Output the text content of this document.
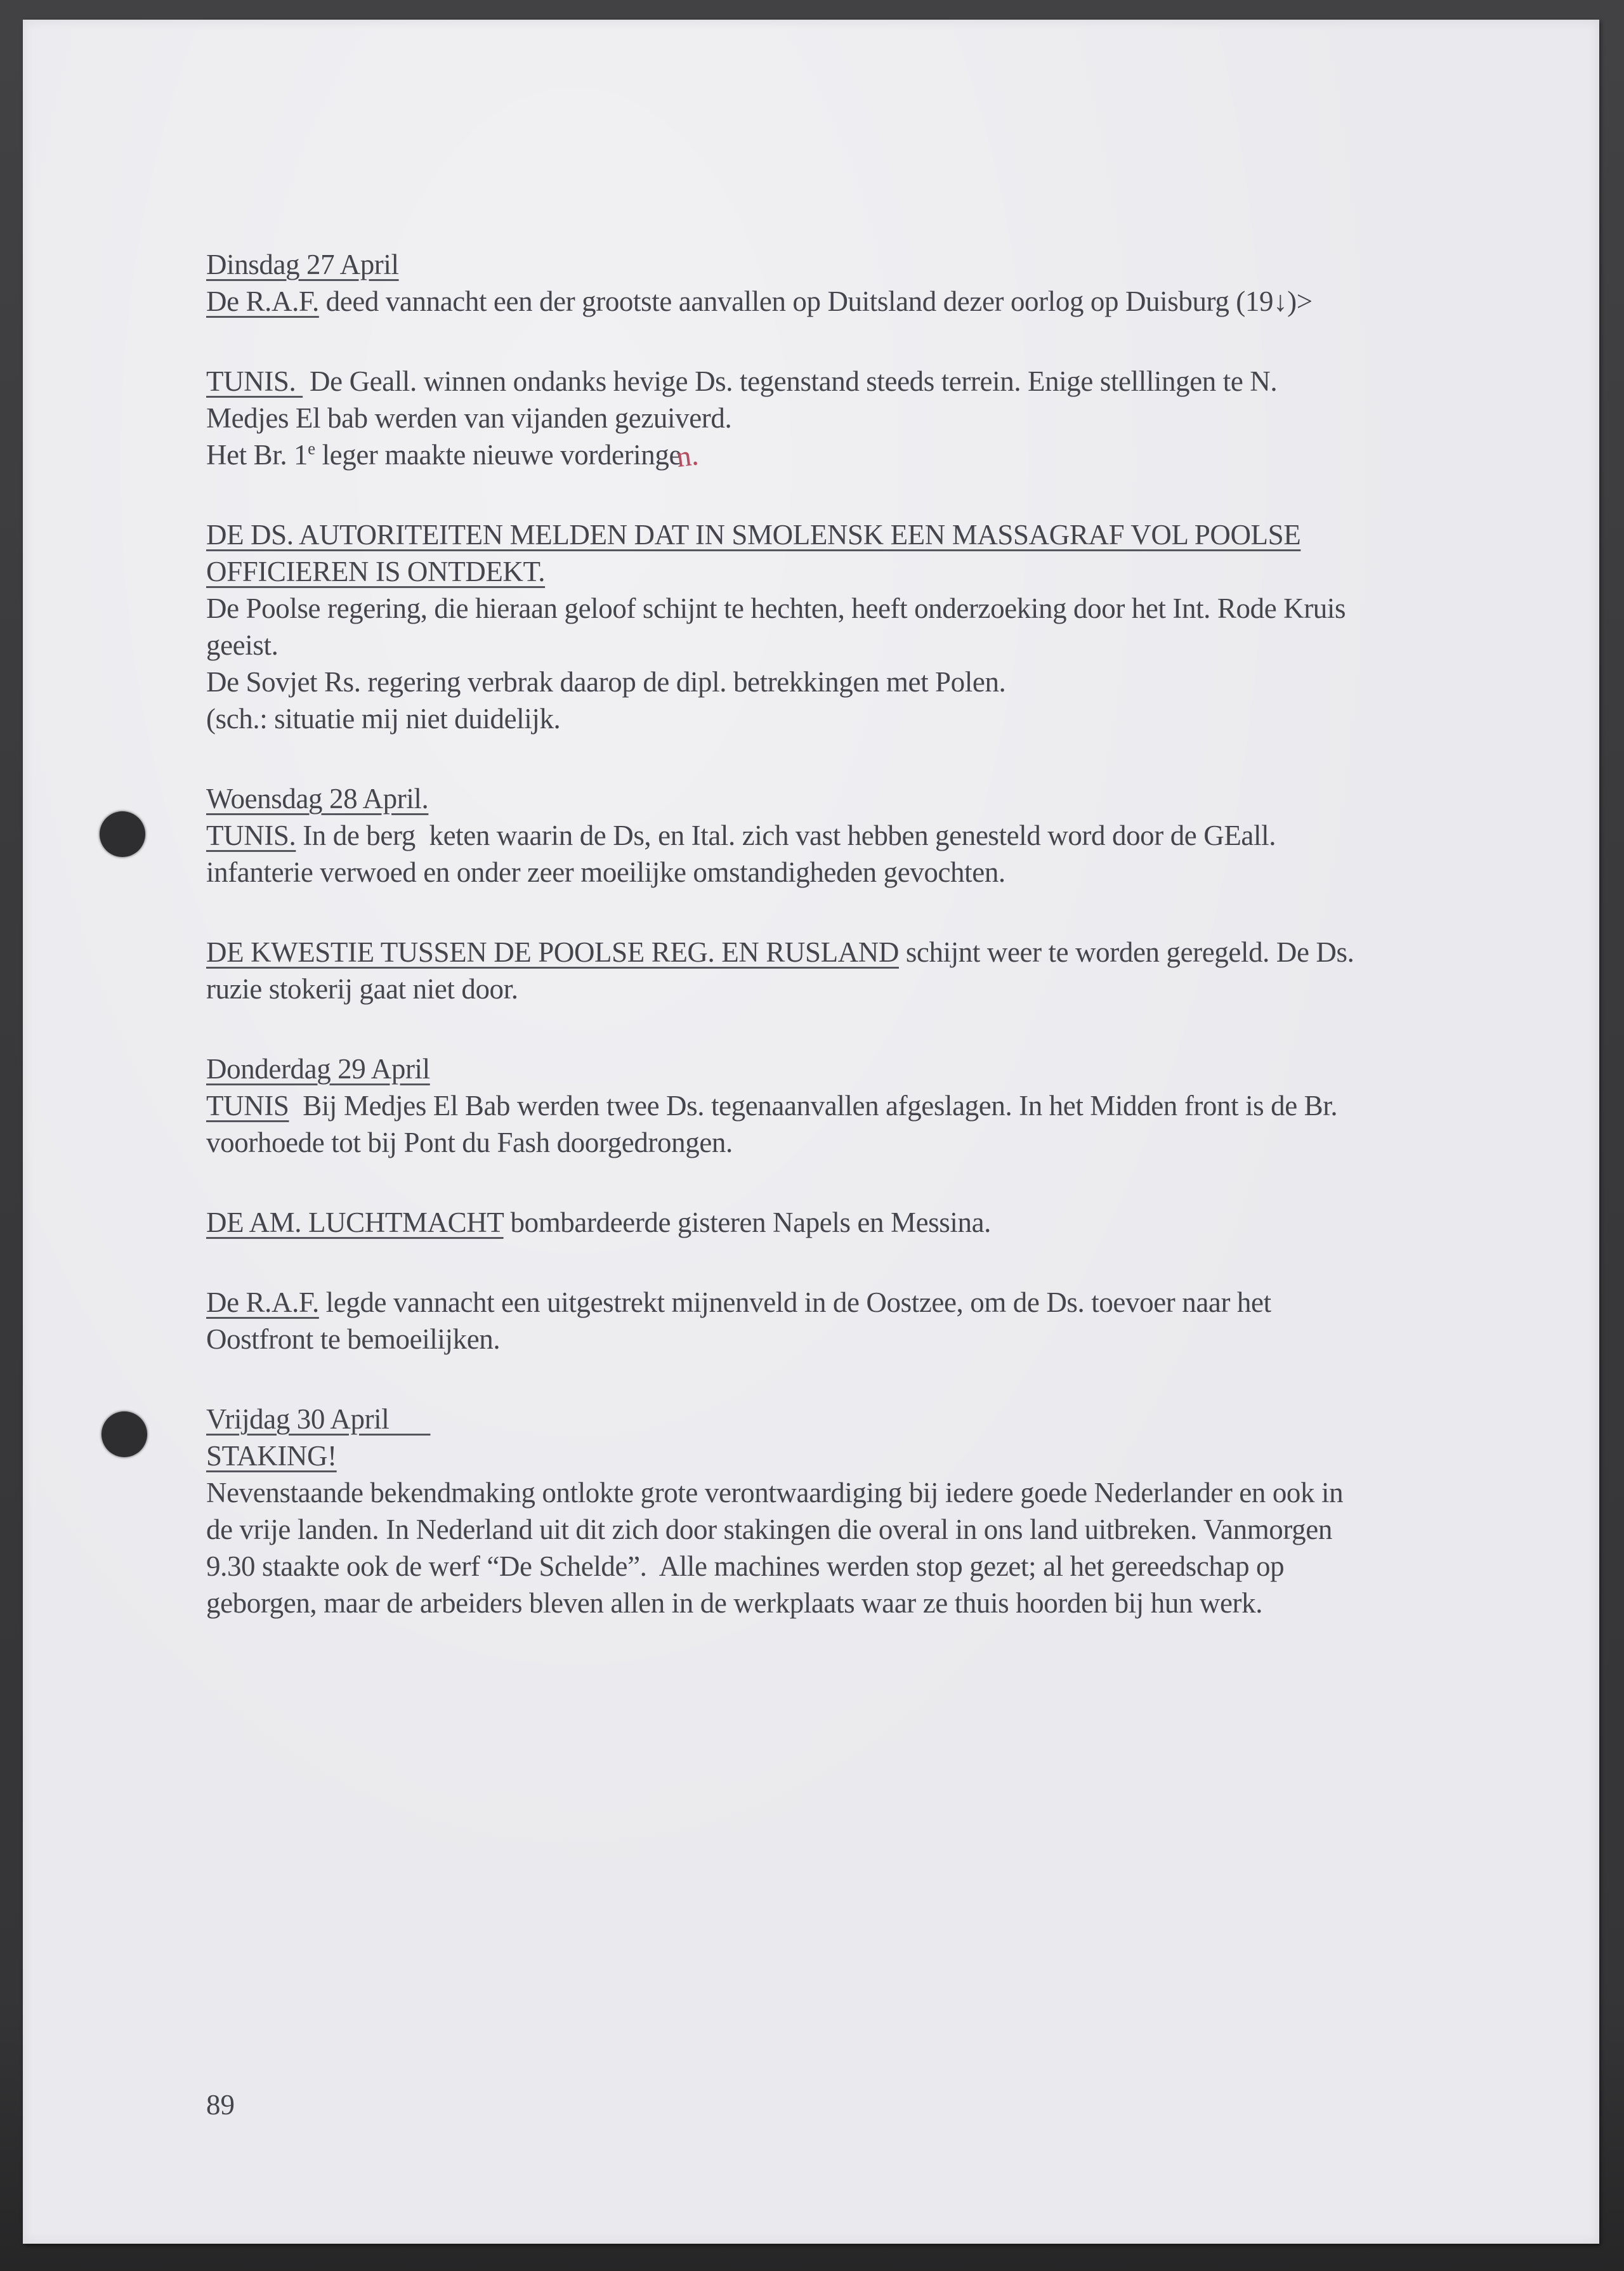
Dinsdag 27 April
De R.A.F. deed vannacht een der grootste aanvallen op Duitsland dezer oorlog op Duisburg (19↓)>
TUNIS.  De Geall. winnen ondanks hevige Ds. tegenstand steeds terrein. Enige stelllingen te N.
Medjes El bab werden van vijanden gezuiverd.
Het Br. 1e leger maakte nieuwe vorderingen.
DE DS. AUTORITEITEN MELDEN DAT IN SMOLENSK EEN MASSAGRAF VOL POOLSE
OFFICIEREN IS ONTDEKT.
De Poolse regering, die hieraan geloof schijnt te hechten, heeft onderzoeking door het Int. Rode Kruis
geeist.
De Sovjet Rs. regering verbrak daarop de dipl. betrekkingen met Polen.
(sch.: situatie mij niet duidelijk.
Woensdag 28 April.
TUNIS. In de berg  keten waarin de Ds, en Ital. zich vast hebben genesteld word door de GEall.
infanterie verwoed en onder zeer moeilijke omstandigheden gevochten.
DE KWESTIE TUSSEN DE POOLSE REG. EN RUSLAND schijnt weer te worden geregeld. De Ds.
ruzie stokerij gaat niet door.
Donderdag 29 April
TUNIS  Bij Medjes El Bab werden twee Ds. tegenaanvallen afgeslagen. In het Midden front is de Br.
voorhoede tot bij Pont du Fash doorgedrongen.
DE AM. LUCHTMACHT bombardeerde gisteren Napels en Messina.
De R.A.F. legde vannacht een uitgestrekt mijnenveld in de Oostzee, om de Ds. toevoer naar het
Oostfront te bemoeilijken.
Vrijdag 30 April
STAKING!
Nevenstaande bekendmaking ontlokte grote verontwaardiging bij iedere goede Nederlander en ook in
de vrije landen. In Nederland uit dit zich door stakingen die overal in ons land uitbreken. Vanmorgen
9.30 staakte ook de werf “De Schelde”.  Alle machines werden stop gezet; al het gereedschap op
geborgen, maar de arbeiders bleven allen in de werkplaats waar ze thuis hoorden bij hun werk.
89
